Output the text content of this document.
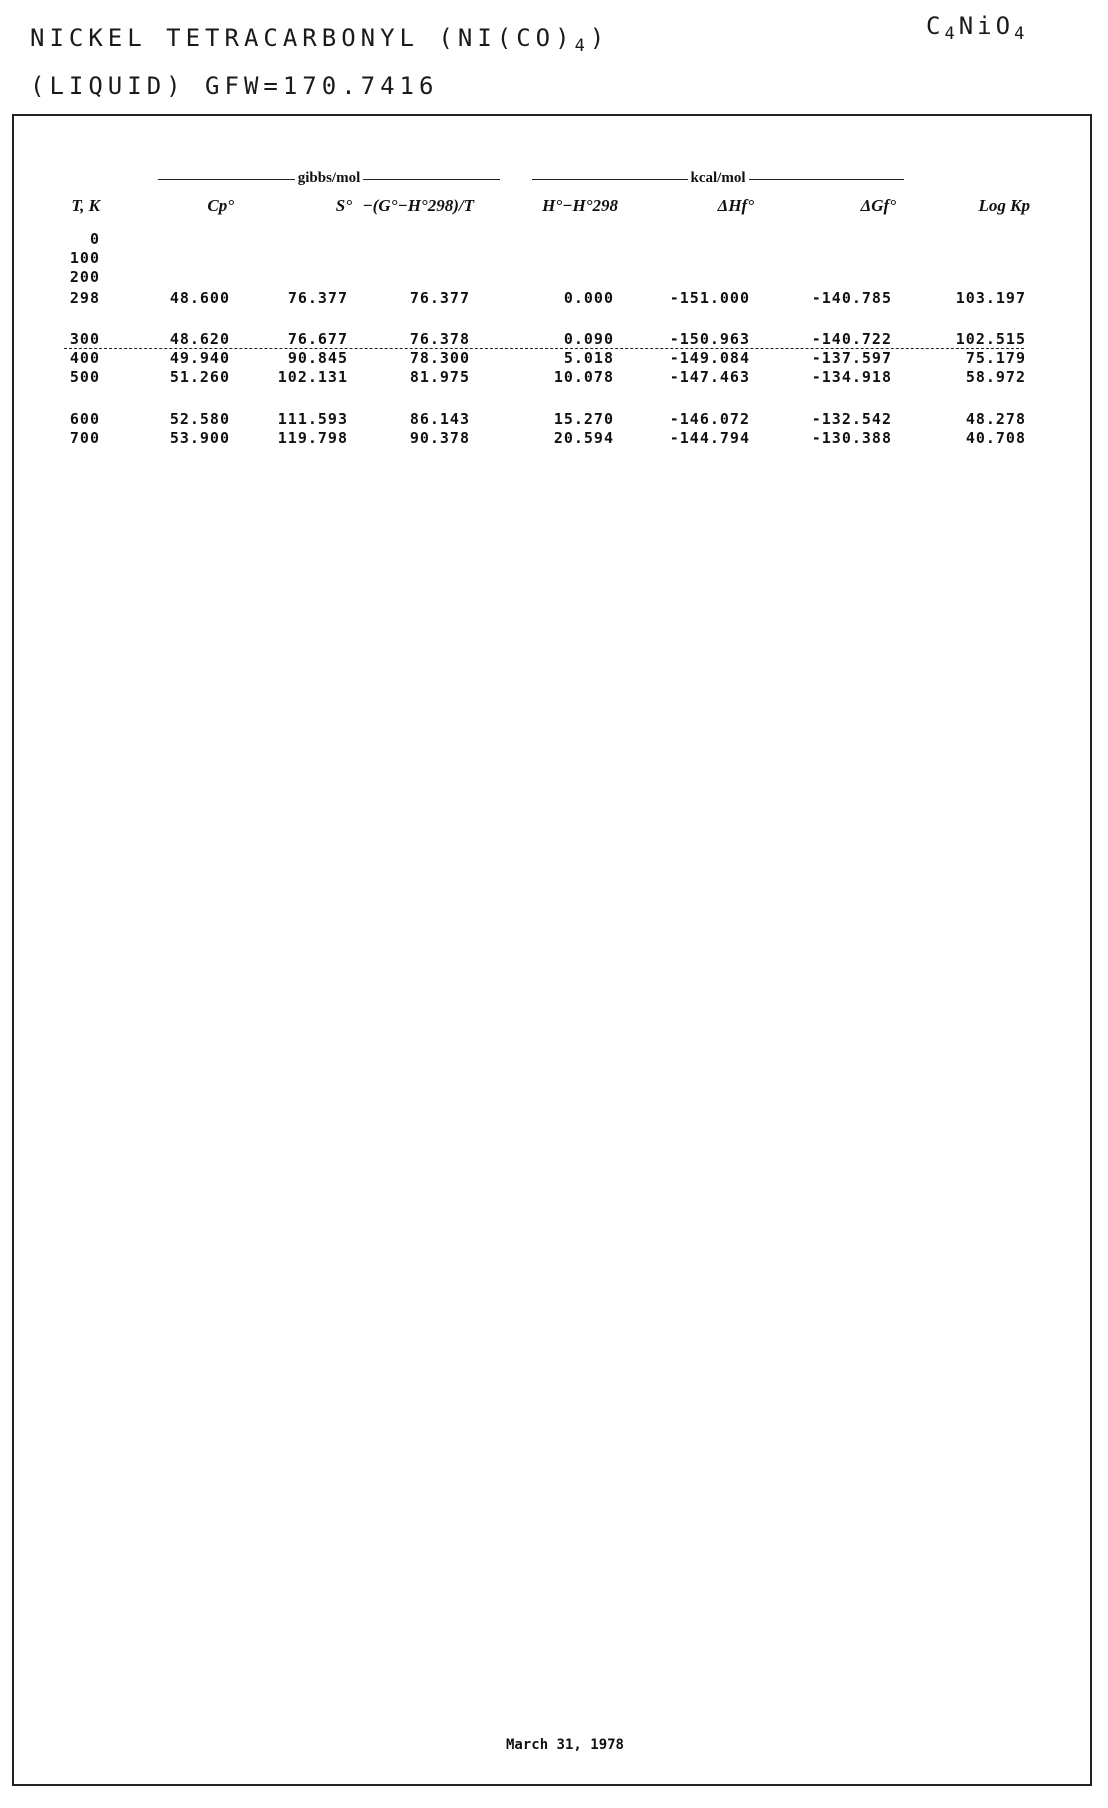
NICKEL TETRACARBONYL $(NI(CO)_4)$
(LIQUID) GFW=170.7416
$C_4NiO_4$
gibbs/mol	kcal/mol
T, K	Cp°	S° −(G°−H°298)/T	H°−H°298	ΔHf°	ΔGf°	Log Kp
0
100
200
298	48.600	76.377	76.377	0.000	-151.000	-140.785	103.197
300	48.620	76.677	76.378	0.090	-150.963	-140.722	102.515
400	49.940	90.845	78.300	5.018	-149.084	-137.597	75.179
500	51.260	102.131	81.975	10.078	-147.463	-134.918	58.972
600	52.580	111.593	86.143	15.270	-146.072	-132.542	48.278
700	53.900	119.798	90.378	20.594	-144.794	-130.388	40.708
March 31, 1978
